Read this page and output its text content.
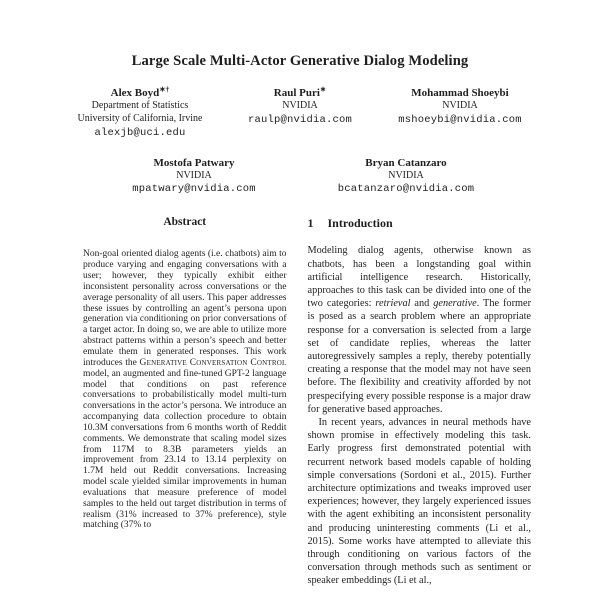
Large Scale Multi-Actor Generative Dialog Modeling
Alex Boyd∗†
Department of Statistics
University of California, Irvine
alexjb@uci.edu
Raul Puri∗
NVIDIA
raulp@nvidia.com
Mohammad Shoeybi
NVIDIA
mshoeybi@nvidia.com
Mostofa Patwary
NVIDIA
mpatwary@nvidia.com
Bryan Catanzaro
NVIDIA
bcatanzaro@nvidia.com
Abstract
Non-goal oriented dialog agents (i.e. chatbots) aim to produce varying and engaging conversations with a user; however, they typically exhibit either inconsistent personality across conversations or the average personality of all users. This paper addresses these issues by controlling an agent’s persona upon generation via conditioning on prior conversations of a target actor. In doing so, we are able to utilize more abstract patterns within a person’s speech and better emulate them in generated responses. This work introduces the Generative Conversation Control model, an augmented and fine-tuned GPT-2 language model that conditions on past reference conversations to probabilistically model multi-turn conversations in the actor’s persona. We introduce an accompanying data collection procedure to obtain 10.3M conversations from 6 months worth of Reddit comments. We demonstrate that scaling model sizes from 117M to 8.3B parameters yields an improvement from 23.14 to 13.14 perplexity on 1.7M held out Reddit conversations. Increasing model scale yielded similar improvements in human evaluations that measure preference of model samples to the held out target distribution in terms of realism (31% increased to 37% preference), style matching (37% to
1 Introduction

Modeling dialog agents, otherwise known as chatbots, has been a longstanding goal within artificial intelligence research. Historically, approaches to this task can be divided into one of the two categories: retrieval and generative. The former is posed as a search problem where an appropriate response for a conversation is selected from a large set of candidate replies, whereas the latter autoregressively samples a reply, thereby potentially creating a response that the model may not have seen before. The flexibility and creativity afforded by not prespecifying every possible response is a major draw for generative based approaches.

In recent years, advances in neural methods have shown promise in effectively modeling this task. Early progress first demonstrated potential with recurrent network based models capable of holding simple conversations (Sordoni et al., 2015). Further architecture optimizations and tweaks improved user experiences; however, they largely experienced issues with the agent exhibiting an inconsistent personality and producing uninteresting comments (Li et al., 2015). Some works have attempted to alleviate this through conditioning on various factors of the conversation through methods such as sentiment or speaker embeddings (Li et al.,
